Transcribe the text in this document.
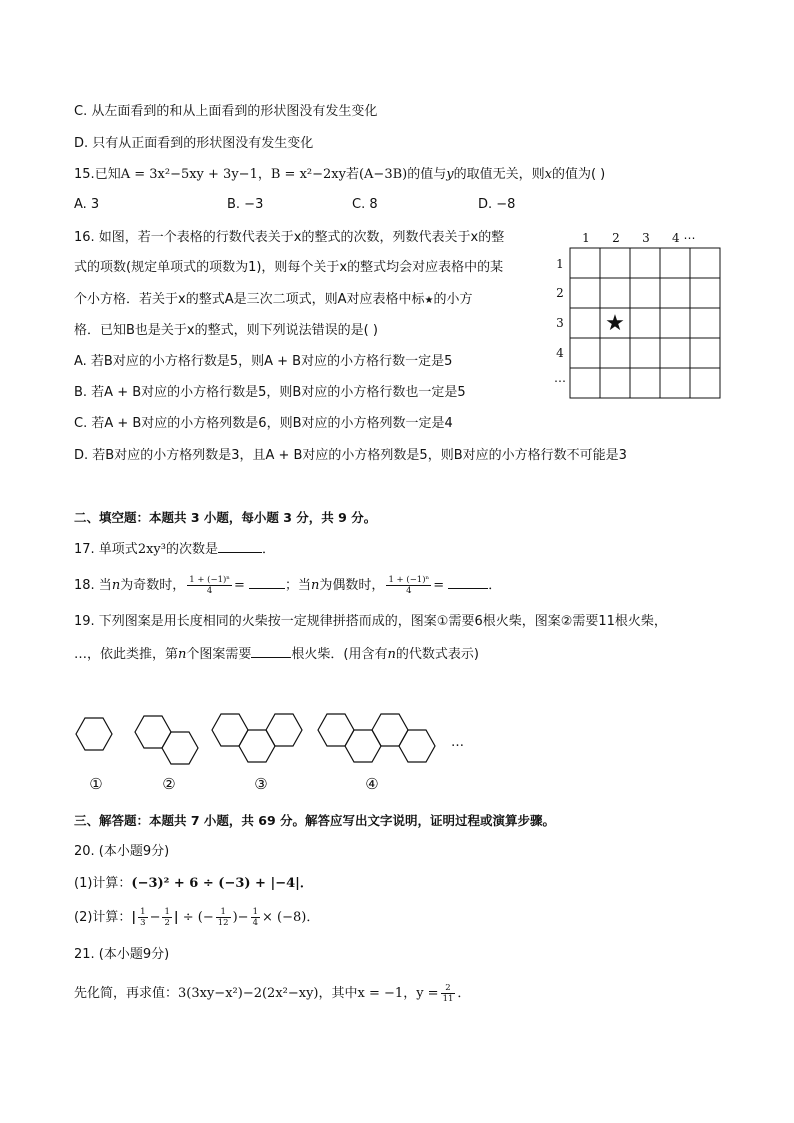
C. 从左面看到的和从上面看到的形状图没有发生变化
D. 只有从正面看到的形状图没有发生变化
15.已知A = 3x²−5xy + 3y−1，B = x²−2xy若(A−3B)的值与y的取值无关，则x的值为( )
A. 3	B. −3	C. 8	D. −8
16. 如图，若一个表格的行数代表关于x的整式的次数，列数代表关于x的整
式的项数(规定单项式的项数为1)，则每个关于x的整式均会对应表格中的某
个小方格．若关于x的整式A是三次二项式，则A对应表格中标★的小方
格．已知B也是关于x的整式，则下列说法错误的是( )
A. 若B对应的小方格行数是5，则A + B对应的小方格行数一定是5
B. 若A + B对应的小方格行数是5，则B对应的小方格行数也一定是5
C. 若A + B对应的小方格列数是6，则B对应的小方格列数一定是4
D. 若B对应的小方格列数是3，且A + B对应的小方格列数是5，则B对应的小方格行数不可能是3
1 2 3 4 ⋯
1
2
3
4
⋯
★
二、填空题：本题共 3 小题，每小题 3 分，共 9 分。
17. 单项式2xy³的次数是	．
18. 当n为奇数时， $\frac{\text{1 + (−1)ⁿ}}{4}$ =	；当n为偶数时， $\frac{\text{1 + (−1)ⁿ}}{4}$ =	．
19. 下列图案是用长度相同的火柴按一定规律拼搭而成的，图案①需要6根火柴，图案②需要11根火柴，
…，依此类推，第n个图案需要	根火柴．(用含有n的代数式表示)
…
①	②	③	④
三、解答题：本题共 7 小题，共 69 分。解答应写出文字说明，证明过程或演算步骤。
20. (本小题9分)
(1)计算：(−3)² + 6 ÷ (−3) + |−4|．
(2)计算：| $\frac{1}{3} - \frac{1}{2}$ | ÷ (− $\frac{1}{12}$ )− $\frac{1}{4} \times (-8)$．
21. (本小题9分)
先化简，再求值：3(3xy−x²)−2(2x²−xy)，其中x = −1，$y = \frac{2}{11}$ ．
